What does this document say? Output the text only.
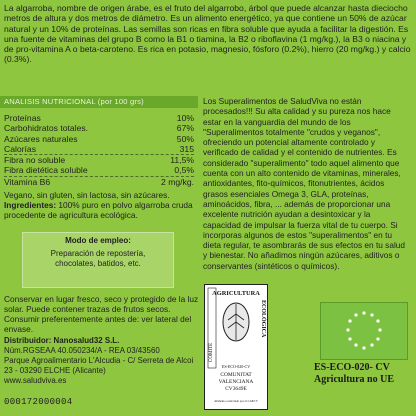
La algarroba, nombre de origen árabe, es el fruto del algarrobo, árbol que puede alcanzar hasta dieciocho metros de altura y dos metros de diámetro. Es un alimento energético, ya que contiene un 50% de azúcar natural y un 10% de proteínas. Las semillas son ricas en fibra soluble que ayuda a facilitar la digestión. Es una fuente de vitaminas del grupo B como la B1 o tiamina, la B2 o riboflavina (1 mg/kg.), la B3 o niacina y de pro-vitamina A o beta-caroteno. Es rica en potasio, magnesio, fósforo (0.2%), hierro (20 mg/kg.) y calcio (0.3%).
ANALISIS NUTRICIONAL (por 100 grs)
Proteínas	10%
Carbohidratos totales.	67%
Azúcares naturales	50%
Calorías	315
Fibra no soluble	11,5%
Fibra dietética soluble	0,5%
Vitamina B6	2 mg/kg.
Vegano, sin gluten, sin lactosa, sin azúcares.
Ingredientes: 100% puro en polvo algarroba cruda procedente de agricultura ecológica.
Modo de empleo:
Preparación de repostería, chocolates, batidos, etc.
Conservar en lugar fresco, seco y protegido de la luz solar. Puede contener trazas de frutos secos. Consumir preferentemente antes de: ver lateral del envase.
Distribuidor: Nanosalud32 S.L.
Núm.RGSEAA 40.050234/A - REA 03/43560
Parque Agroalimentario L'Alcudia - C/ Serreta de Alcoi 23 - 03290 ELCHE (Alicante)
www.saludviva.es
000172000004
Los Superalimentos de SaludViva no están procesados!!! Su alta calidad y su pureza nos hace estar en la vanguardia del mundo de los "Superalimentos totalmente "crudos y veganos", ofreciendo un potencial altamente controlado y verificado de calidad y el contenido de nutrientes. Es considerado "superalimento" todo aquel alimento que cuenta con un alto contenido de vitaminas, minerales, antioxidantes, fito-químicos, fitonutrientes, ácidos grasos esenciales Omega 3, GLA, proteínas, aminoácidos, fibra, ... además de proporcionar una excelente nutrición ayudan a desintoxicar y la capacidad de impulsar la fuerza vital de tu cuerpo. Si incorporas algunos de estos "superalimentos" en tu dieta regular, te asombrarás de sus efectos en tu salud y bienestar. No añadimos ningún azúcares, aditivos o conservantes (sintéticos o químicos).
AGRICULTURA
ECOLÓGICA
COMITÉ
ES-ECO-020-CV
COMUNITAT
VALENCIANA
CV3649E
Alimento controlado por el CAECV
ES-ECO-020- CV
Agricultura no UE
